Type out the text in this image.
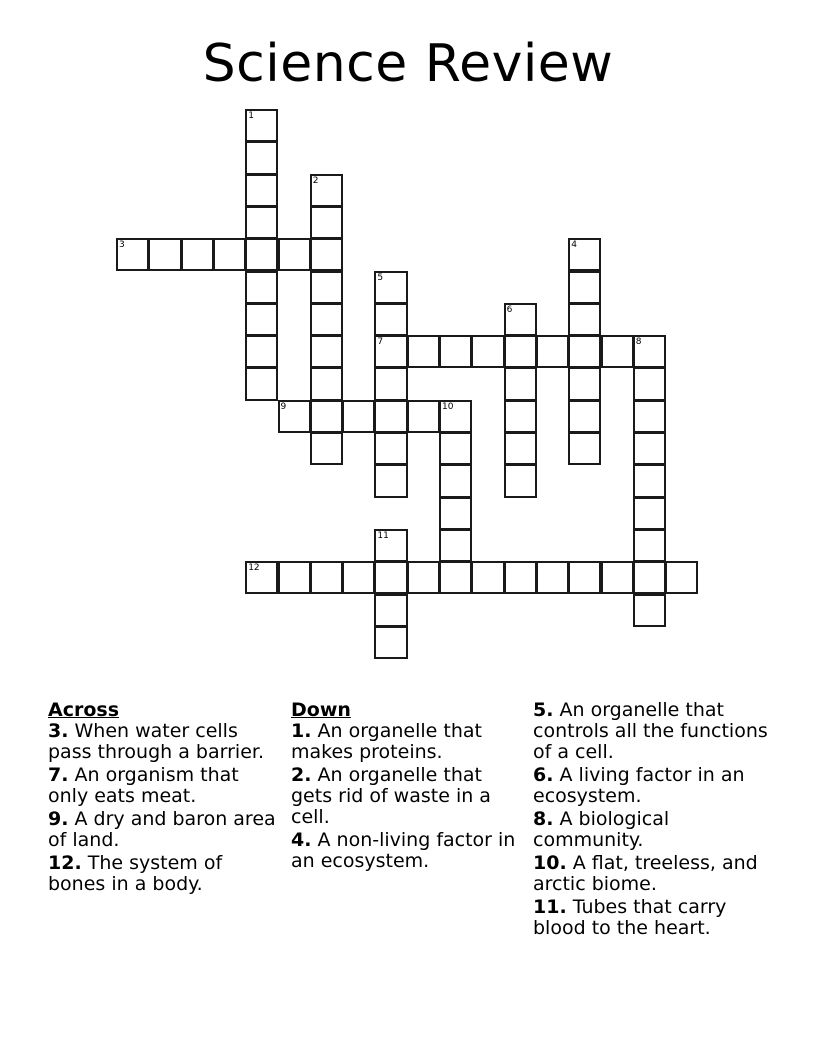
Science Review
1
2
3	4
5
7
6
8
9	10
11
12
Across
3. When water cells pass through a barrier.
7. An organism that only eats meat.
9. A dry and baron area of land.
12. The system of bones in a body.
Down
1. An organelle that makes proteins.
2. An organelle that gets rid of waste in a cell.
4. A non-living factor in an ecosystem.
5. An organelle that controls all the functions of a cell.
6. A living factor in an ecosystem.
8. A biological community.
10. A flat, treeless, and arctic biome.
11. Tubes that carry blood to the heart.
